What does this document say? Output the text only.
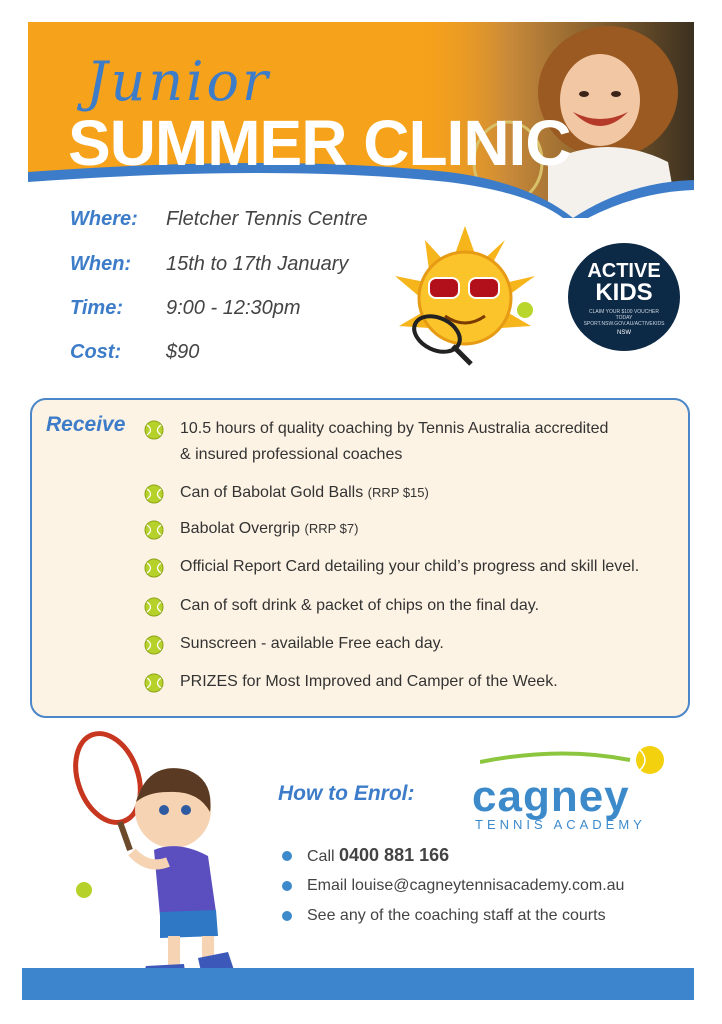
Junior
SUMMER CLINIC
Where: Fletcher Tennis Centre
When: 15th to 17th January
Time: 9:00 - 12:30pm
Cost: $90
ACTIVE
KIDS
CLAIM YOUR $100 VOUCHER TODAY SPORT.NSW.GOV.AU/ACTIVEKIDS
NSW
Receive	10.5 hours of quality coaching by Tennis Australia accredited
& insured professional coaches
Can of Babolat Gold Balls (RRP $15)
Babolat Overgrip (RRP $7)
Official Report Card detailing your child’s progress and skill level.
Can of soft drink & packet of chips on the final day.
Sunscreen - available Free each day.
PRIZES for Most Improved and Camper of the Week.
How to Enrol: cagney
TENNIS ACADEMY
Call 0400 881 166
Email louise@cagneytennisacademy.com.au
See any of the coaching staff at the courts
